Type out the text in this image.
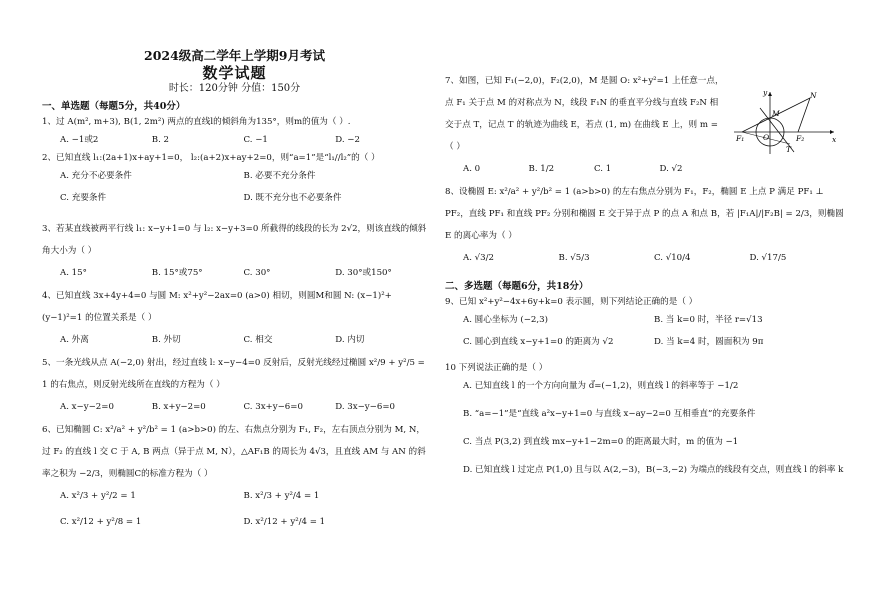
2024级高二学年上学期9月考试
数学试题
时长：120分钟 分值：150分
一、单选题（每题5分，共40分）
1、过 A(m², m+3), B(1, 2m²) 两点的直线l的倾斜角为135°，则m的值为（ ）.
A. −1或2	B. 2	C. −1	D. −2
2、已知直线 l₁:(2a+1)x+ay+1=0， l₂:(a+2)x+ay+2=0，则“a=1”是“l₁//l₂”的（ ）
A. 充分不必要条件	B. 必要不充分条件
C. 充要条件	D. 既不充分也不必要条件
3、若某直线被两平行线 l₁: x−y+1=0 与 l₂: x−y+3=0 所截得的线段的长为 2√2，则该直线的倾斜角大小为（ ）
A. 15°	B. 15°或75°	C. 30°	D. 30°或150°
4、已知直线 3x+4y+4=0 与圆 M: x²+y²−2ax=0 (a>0) 相切，则圆M和圆 N: (x−1)²+(y−1)²=1 的位置关系是（ ）
A. 外离	B. 外切	C. 相交	D. 内切
5、一条光线从点 A(−2,0) 射出，经过直线 l: x−y−4=0 反射后，反射光线经过椭圆 x²/9 + y²/5 = 1 的右焦点，则反射光线所在直线的方程为（ ）
A. x−y−2=0	B. x+y−2=0	C. 3x+y−6=0	D. 3x−y−6=0
6、已知椭圆 C: x²/a² + y²/b² = 1 (a>b>0) 的左、右焦点分别为 F₁, F₂，左右顶点分别为 M, N，过 F₂ 的直线 l 交 C 于 A, B 两点（异于点 M, N），△AF₁B 的周长为 4√3，且直线 AM 与 AN 的斜率之积为 −2/3，则椭圆C的标准方程为（ ）
A. x²/3 + y²/2 = 1	B. x²/3 + y²/4 = 1
C. x²/12 + y²/8 = 1	D. x²/12 + y²/4 = 1
7、如图，已知 F₁(−2,0)，F₂(2,0)，M 是圆 O: x²+y²=1 上任意一点，点 F₁ 关于点 M 的对称点为 N，线段 F₁N 的垂直平分线与直线 F₂N 相交于点 T，记点 T 的轨迹为曲线 E，若点 (1, m) 在曲线 E 上，则 m =（ ）
A. 0	B. 1/2	C. 1	D. √2
8、设椭圆 E: x²/a² + y²/b² = 1 (a>b>0) 的左右焦点分别为 F₁，F₂，椭圆 E 上点 P 满足 PF₁ ⊥ PF₂，直线 PF₁ 和直线 PF₂ 分别和椭圆 E 交于异于点 P 的点 A 和点 B，若 |F₁A|/|F₂B| = 2/3，则椭圆 E 的离心率为（ ）
A. √3/2	B. √5/3	C. √10/4	D. √17/5
二、多选题（每题6分，共18分）
9、已知 x²+y²−4x+6y+k=0 表示圆，则下列结论正确的是（ ）
A. 圆心坐标为 (−2,3)	B. 当 k=0 时，半径 r=√13
C. 圆心到直线 x−y+1=0 的距离为 √2	D. 当 k=4 时，圆面积为 9π
10 下列说法正确的是（ ）
A. 已知直线 l 的一个方向向量为 d⃗=(−1,2)，则直线 l 的斜率等于 −1/2
B. “a=−1”是“直线 a²x−y+1=0 与直线 x−ay−2=0 互相垂直”的充要条件
C. 当点 P(3,2) 到直线 mx−y+1−2m=0 的距离最大时，m 的值为 −1
D. 已知直线 l 过定点 P(1,0) 且与以 A(2,−3)，B(−3,−2) 为端点的线段有交点，则直线 l 的斜率 k
y
x
M
N
O
F₁	F₂
T
